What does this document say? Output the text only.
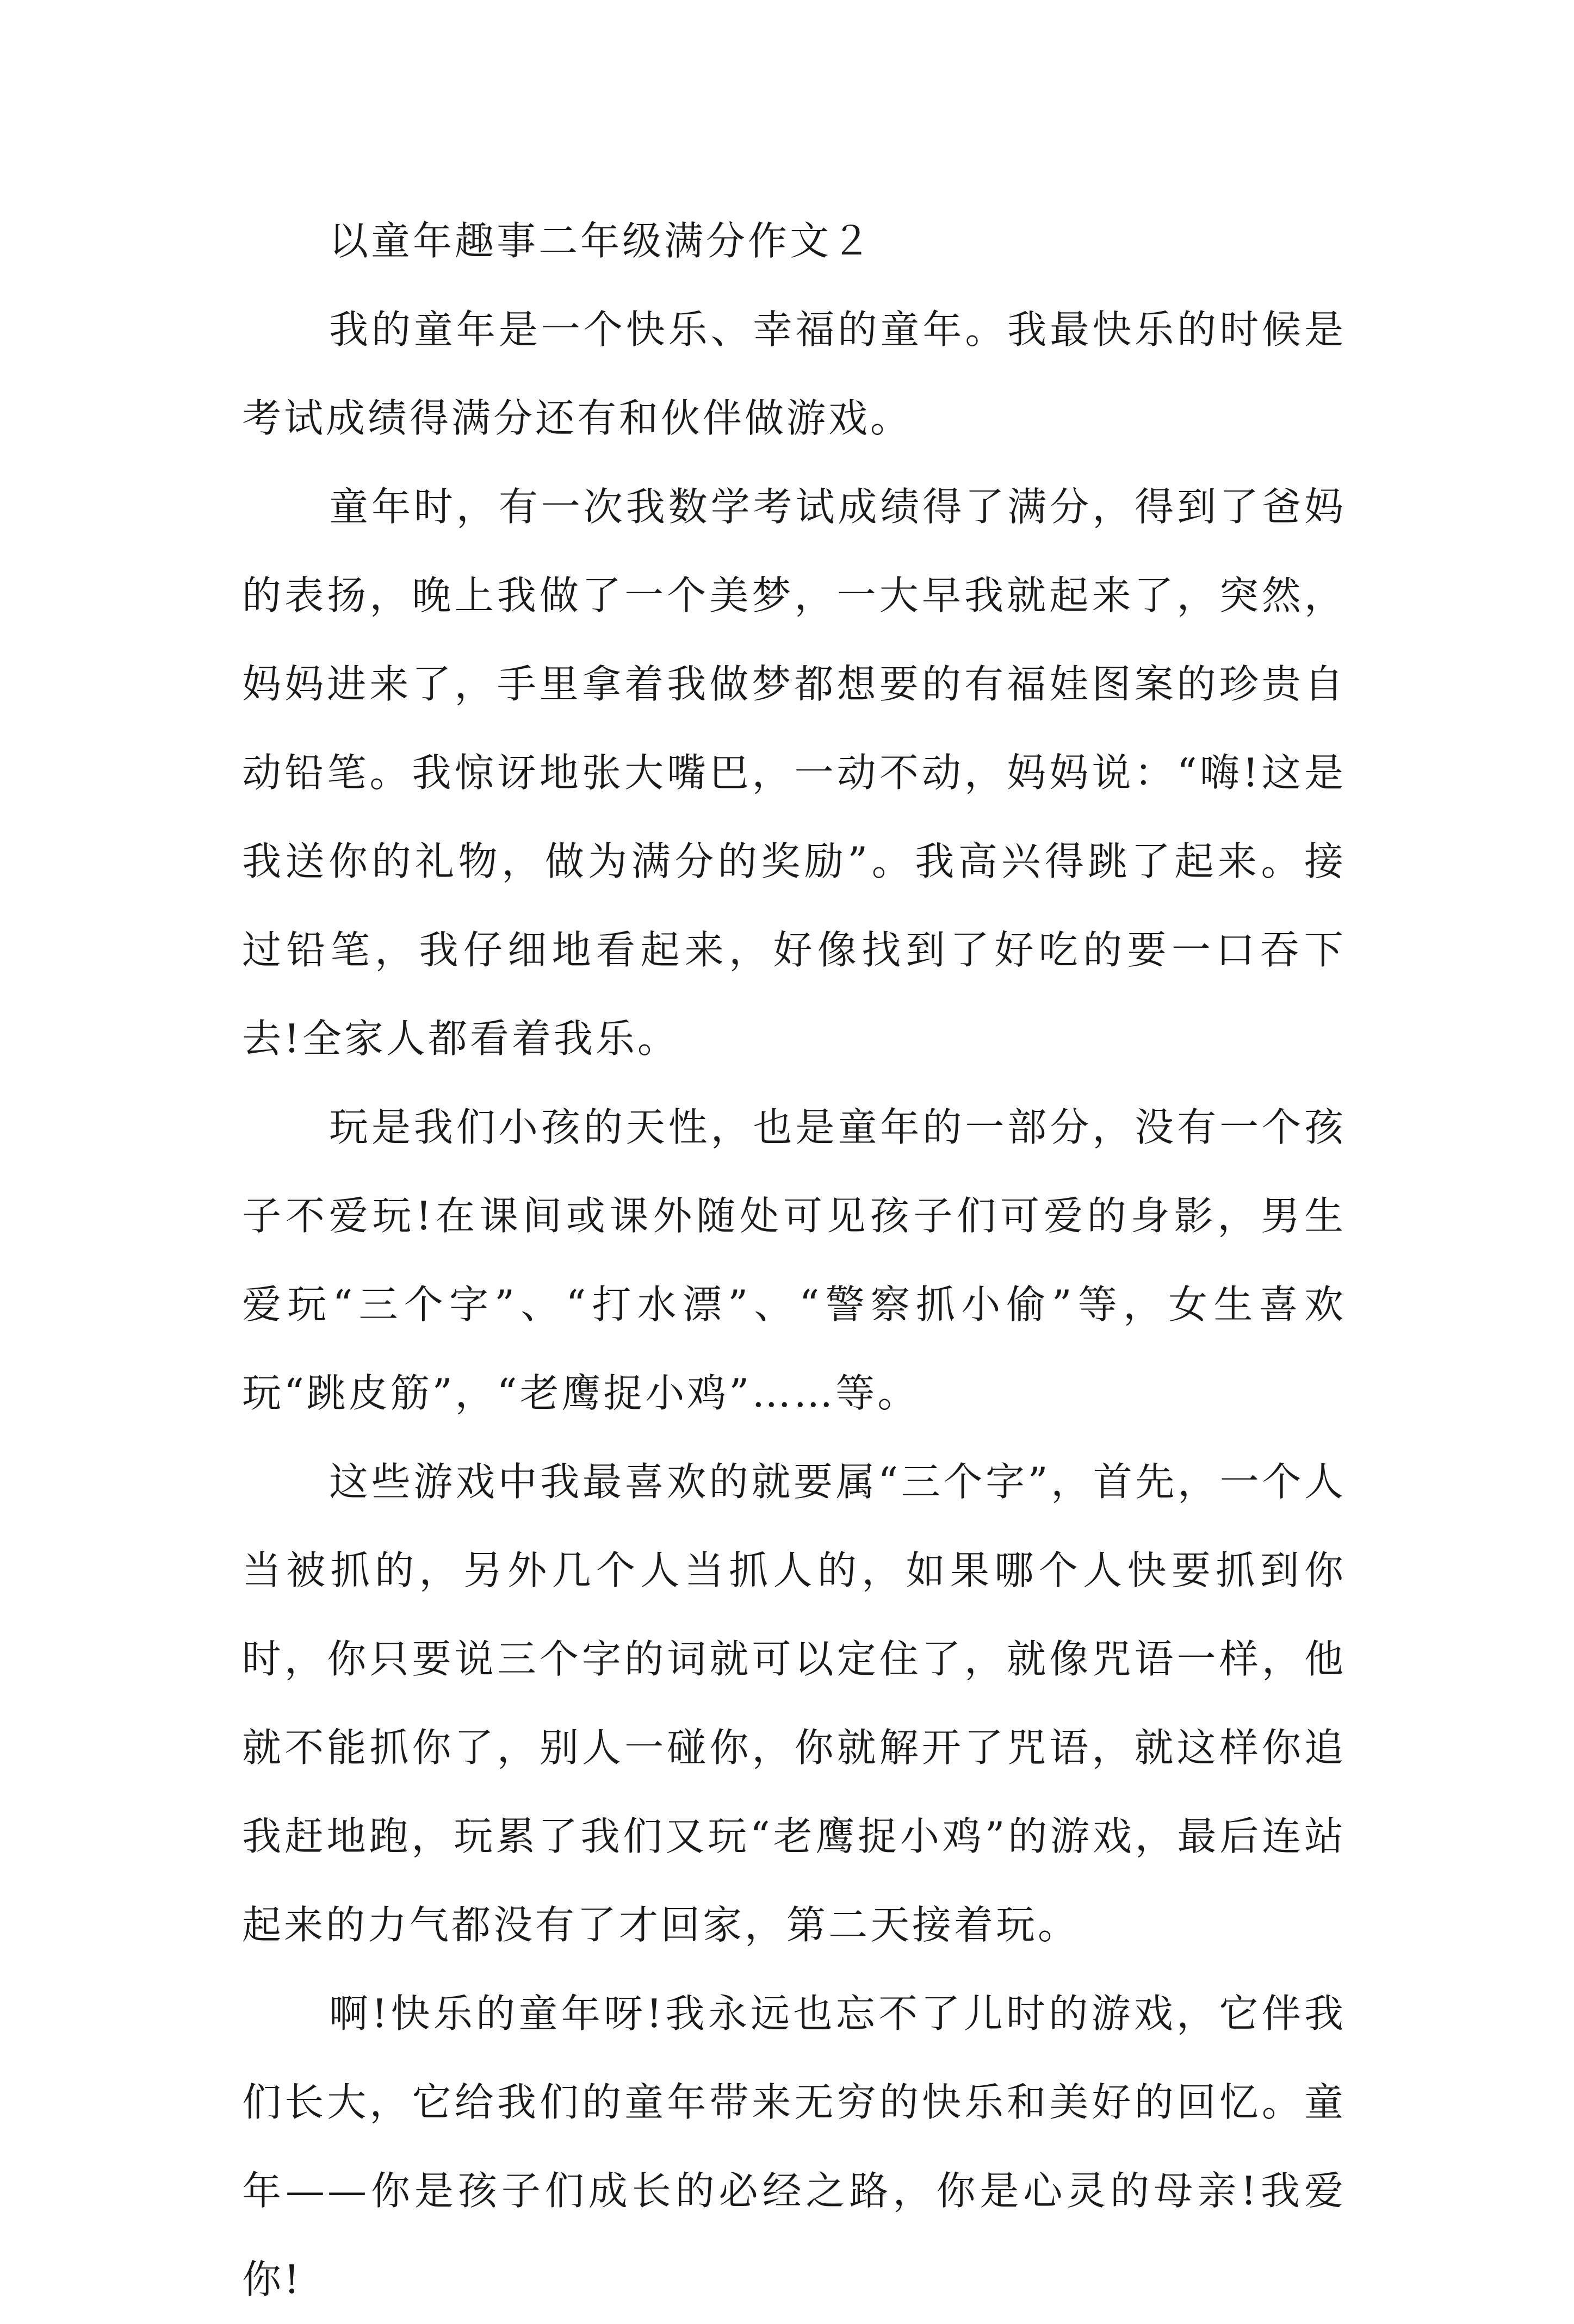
以童年趣事二年级满分作文２

我的童年是一个快乐、幸福的童年。我最快乐的时候是考试成绩得满分还有和伙伴做游戏。

童年时，有一次我数学考试成绩得了满分，得到了爸妈的表扬，晚上我做了一个美梦，一大早我就起来了，突然，妈妈进来了，手里拿着我做梦都想要的有福娃图案的珍贵自动铅笔。我惊讶地张大嘴巴，一动不动，妈妈说：“嗨!这是我送你的礼物，做为满分的奖励”。我高兴得跳了起来。接过铅笔，我仔细地看起来，好像找到了好吃的要一口吞下去!全家人都看着我乐。

玩是我们小孩的天性，也是童年的一部分，没有一个孩子不爱玩!在课间或课外随处可见孩子们可爱的身影，男生爱玩“三个字”、“打水漂”、“警察抓小偷”等，女生喜欢玩“跳皮筋”，“老鹰捉小鸡”……等。

这些游戏中我最喜欢的就要属“三个字”，首先，一个人当被抓的，另外几个人当抓人的，如果哪个人快要抓到你时，你只要说三个字的词就可以定住了，就像咒语一样，他就不能抓你了，别人一碰你，你就解开了咒语，就这样你追我赶地跑，玩累了我们又玩“老鹰捉小鸡”的游戏，最后连站起来的力气都没有了才回家，第二天接着玩。

啊!快乐的童年呀!我永远也忘不了儿时的游戏，它伴我们长大，它给我们的童年带来无穷的快乐和美好的回忆。童年——你是孩子们成长的必经之路，你是心灵的母亲!我爱你!
